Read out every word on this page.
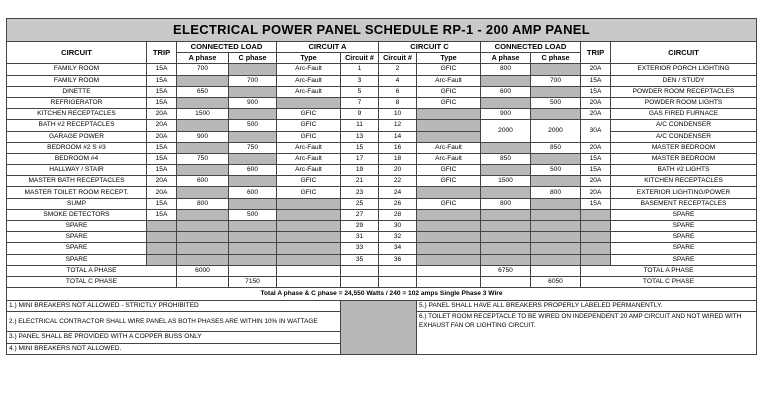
ELECTRICAL POWER PANEL SCHEDULE RP-1 - 200 AMP PANEL											
CIRCUIT	TRIP	CONNECTED LOAD		CIRCUIT A		CIRCUIT C		CONNECTED LOAD		TRIP	CIRCUIT
		A phase	C phase	Type	Circuit #	Circuit #	Type	A phase	C phase		
FAMILY ROOM	15A	700		Arc-Fault	1	2	GFIC	800		20A	EXTERIOR PORCH LIGHTING
FAMILY ROOM	15A		700	Arc-Fault	3	4	Arc-Fault		700	15A	DEN / STUDY
DINETTE	15A	650		Arc-Fault	5	6	GFIC	600		15A	POWDER ROOM RECEPTACLES
REFRIGERATOR	15A		900		7	8	GFIC		500	20A	POWDER ROOM LIGHTS
KITCHEN RECEPTACLES	20A	1500		GFIC	9	10		900		20A	GAS FIRED FURNACE
BATH #2 RECEPTACLES	20A		500	GFIC	11	12		2000	2000	30A	A/C CONDENSER
GARAGE POWER	20A	900		GFIC	13	14					A/C CONDENSER
BEDROOM #2 S #3	15A		750	Arc-Fault	15	16	Arc-Fault		850	20A	MASTER BEDROOM
BEDROOM #4	15A	750		Arc-Fault	17	18	Arc-Fault	850		15A	MASTER BEDROOM
HALLWAY / STAIR	15A		600	Arc-Fault	19	20	GFIC		500	15A	BATH #2 LIGHTS
MASTER BATH RECEPTACLES	20A	600		GFIC	21	22	GFIC	1500		20A	KITCHEN RECEPTACLES
MASTER TOILET ROOM RECEPT.	20A		600	GFIC	23	24			800	20A	EXTERIOR LIGHTING/POWER
SUMP	15A	800			25	26	GFIC	800		15A	BASEMENT RECEPTACLES
SMOKE DETECTORS	15A		500		27	28					SPARE
SPARE					29	30					SPARE
SPARE					31	32					SPARE
SPARE					33	34					SPARE
SPARE					35	36					SPARE
TOTAL A PHASE		6000						6750		TOTAL A PHASE	
TOTAL C PHASE			7150						6050	TOTAL C PHASE	
Total A phase & C phase = 24,550 Watts / 240 = 102 amps Single Phase 3 Wire											
1.) MINI BREAKERS NOT ALLOWED - STRICTLY PROHIBITED							5.) PANEL SHALL HAVE ALL BREAKERS PROPERLY LABELED PERMANENTLY.				
2.) ELECTRICAL CONTRACTOR SHALL WIRE PANEL AS BOTH PHASES ARE WITHIN 10% IN WATTAGE							6.) TOILET ROOM RECEPTACLE TO BE WIRED ON INDEPENDENT 20 AMP CIRCUIT AND NOT WIRED WITH EXHAUST FAN OR LIGHTING CIRCUIT.				
3.) PANEL SHALL BE PROVIDED WITH A COPPER BUSS ONLY											
4.) MINI BREAKERS NOT ALLOWED.											
